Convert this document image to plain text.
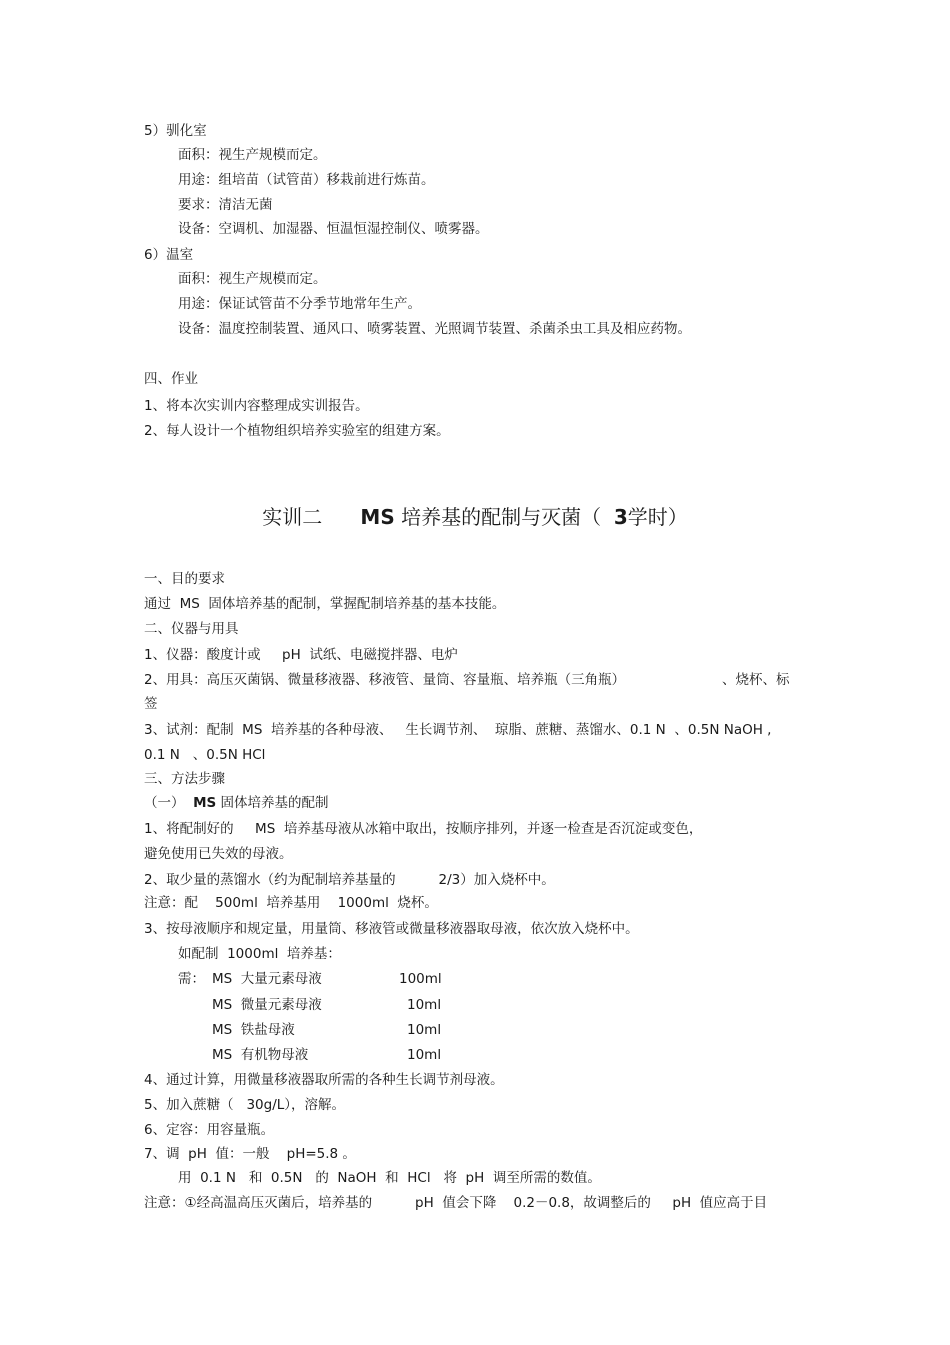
5）驯化室
面积：视生产规模而定。
用途：组培苗（试管苗）移栽前进行炼苗。
要求：清洁无菌
设备：空调机、加湿器、恒温恒湿控制仪、喷雾器。
6）温室
面积：视生产规模而定。
用途：保证试管苗不分季节地常年生产。
设备：温度控制装置、通风口、喷雾装置、光照调节装置、杀菌杀虫工具及相应药物。
四、作业
1、将本次实训内容整理成实训报告。
2、每人设计一个植物组织培养实验室的组建方案。
实训二 MS 培养基的配制与灭菌（  3学时）
一、目的要求
通过  MS  固体培养基的配制，掌握配制培养基的基本技能。
二、仪器与用具
1、仪器：酸度计或     pH  试纸、电磁搅拌器、电炉
2、用具：高压灭菌锅、微量移液器、移液管、量筒、容量瓶、培养瓶（三角瓶）	、烧杯、标
签
3、试剂：配制  MS  培养基的各种母液、   生长调节剂、  琼脂、蔗糖、蒸馏水、0.1 N  、0.5N NaOH ,
0.1 N   、0.5N HCl
三、方法步骤
（一）  MS 固体培养基的配制
1、将配制好的     MS  培养基母液从冰箱中取出，按顺序排列，并逐一检查是否沉淀或变色，
避免使用已失效的母液。
2、取少量的蒸馏水（约为配制培养基量的          2/3）加入烧杯中。
注意：配    500ml  培养基用    1000ml  烧杯。
3、按母液顺序和规定量，用量筒、移液管或微量移液器取母液，依次放入烧杯中。
如配制  1000ml  培养基：
需： MS  大量元素母液	100ml
MS  微量元素母液	10ml
MS  铁盐母液	10ml
MS  有机物母液	10ml
4、通过计算，用微量移液器取所需的各种生长调节剂母液。
5、加入蔗糖（   30g/L），溶解。
6、定容：用容量瓶。
7、调  pH  值：一般    pH=5.8 。
用  0.1 N   和  0.5N   的  NaOH  和  HCl   将  pH  调至所需的数值。
注意：①经高温高压灭菌后，培养基的          pH  值会下降    0.2－0.8，故调整后的     pH  值应高于目
